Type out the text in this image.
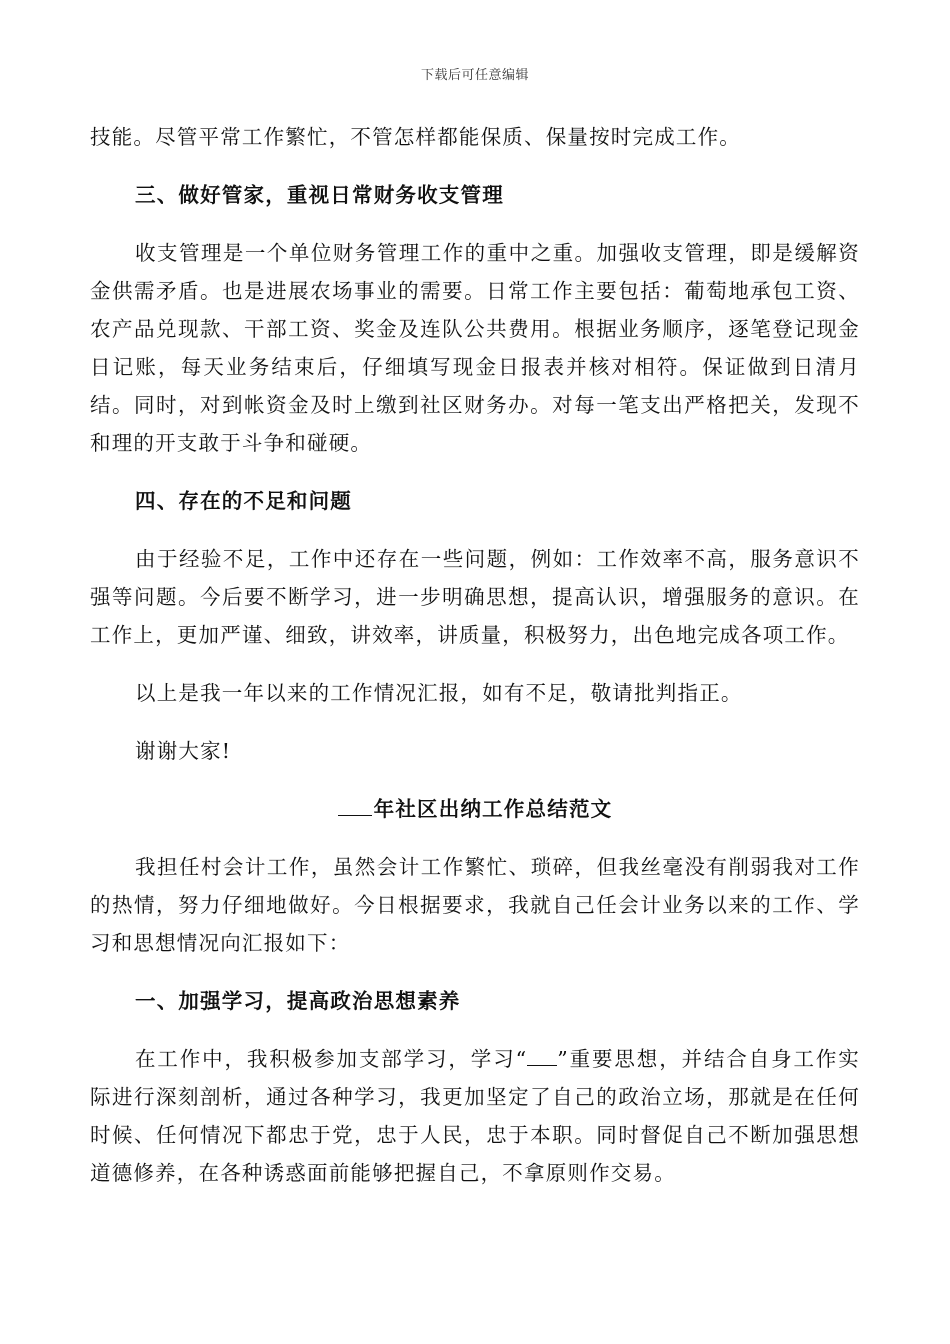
下载后可任意编辑

技能。尽管平常工作繁忙，不管怎样都能保质、保量按时完成工作。

三、做好管家，重视日常财务收支管理

收支管理是一个单位财务管理工作的重中之重。加强收支管理，即是缓解资金供需矛盾。也是进展农场事业的需要。日常工作主要包括：葡萄地承包工资、农产品兑现款、干部工资、奖金及连队公共费用。根据业务顺序，逐笔登记现金日记账，每天业务结束后，仔细填写现金日报表并核对相符。保证做到日清月结。同时，对到帐资金及时上缴到社区财务办。对每一笔支出严格把关，发现不和理的开支敢于斗争和碰硬。

四、存在的不足和问题

由于经验不足，工作中还存在一些问题，例如：工作效率不高，服务意识不强等问题。今后要不断学习，进一步明确思想，提高认识，增强服务的意识。在工作上，更加严谨、细致，讲效率，讲质量，积极努力，出色地完成各项工作。

以上是我一年以来的工作情况汇报，如有不足，敬请批判指正。

谢谢大家!

年社区出纳工作总结范文

我担任村会计工作，虽然会计工作繁忙、琐碎，但我丝毫没有削弱我对工作的热情，努力仔细地做好。今日根据要求，我就自己任会计业务以来的工作、学习和思想情况向汇报如下：

一、加强学习，提高政治思想素养

在工作中，我积极参加支部学习，学习“ ”重要思想，并结合自身工作实际进行深刻剖析，通过各种学习，我更加坚定了自己的政治立场，那就是在任何时候、任何情况下都忠于党，忠于人民，忠于本职。同时督促自己不断加强思想道德修养，在各种诱惑面前能够把握自己，不拿原则作交易。
